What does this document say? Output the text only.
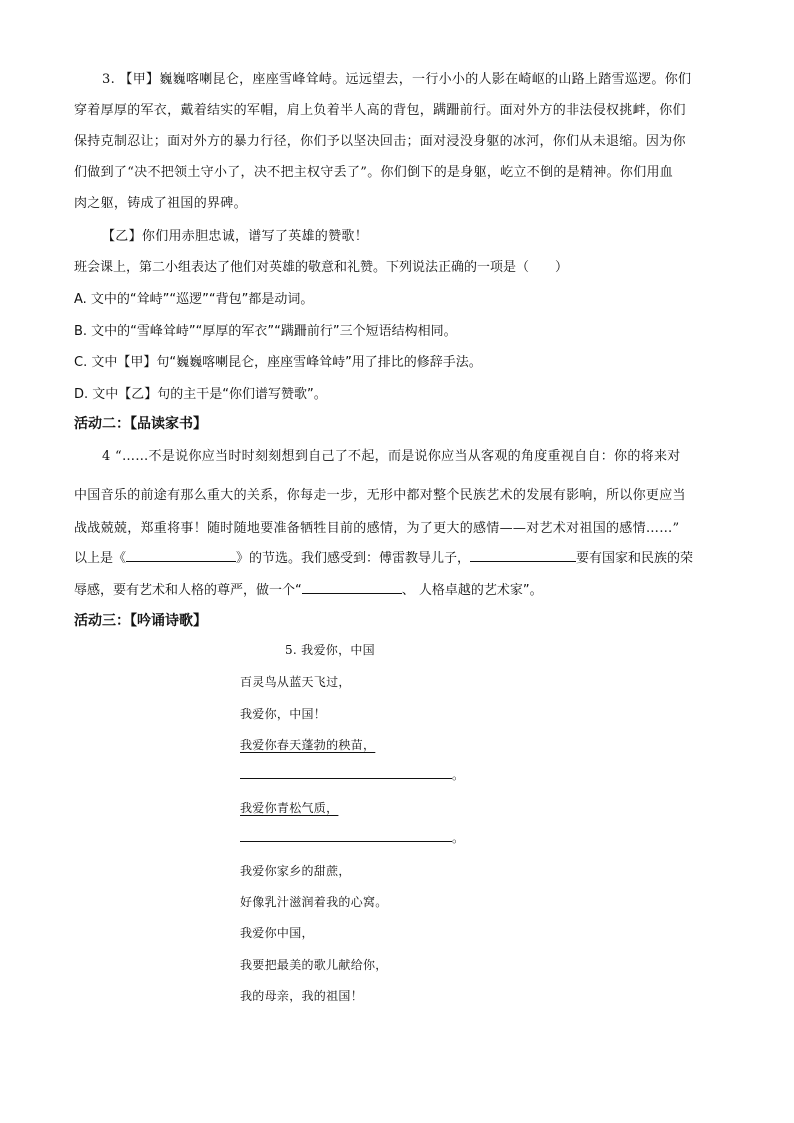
3. 【甲】巍巍喀喇昆仑，座座雪峰耸峙。远远望去，一行小小的人影在崎岖的山路上踏雪巡逻。你们
穿着厚厚的军衣，戴着结实的军帽，肩上负着半人高的背包，蹒跚前行。面对外方的非法侵权挑衅，你们
保持克制忍让；面对外方的暴力行径，你们予以坚决回击；面对浸没身躯的冰河，你们从未退缩。因为你
们做到了“决不把领土守小了，决不把主权守丢了”。你们倒下的是身躯，屹立不倒的是精神。你们用血
肉之躯，铸成了祖国的界碑。
【乙】你们用赤胆忠诚，谱写了英雄的赞歌！
班会课上，第二小组表达了他们对英雄的敬意和礼赞。下列说法正确的一项是（　　）
A. 文中的“耸峙”“巡逻”“背包”都是动词。
B. 文中的“雪峰耸峙”“厚厚的军衣”“蹒跚前行”三个短语结构相同。
C. 文中【甲】句“巍巍喀喇昆仑，座座雪峰耸峙”用了排比的修辞手法。
D. 文中【乙】句的主干是“你们谱写赞歌”。
活动二：【品读家书】
4 “……不是说你应当时时刻刻想到自己了不起，而是说你应当从客观的角度重视自自：你的将来对
中国音乐的前途有那么重大的关系，你每走一步，无形中都对整个民族艺术的发展有影响，所以你更应当
战战兢兢，郑重将事！随时随地要准备牺牲目前的感情，为了更大的感情——对艺术对祖国的感情……”
以上是《	》的节选。我们感受到：傅雷教导儿子，	要有国家和民族的荣
辱感，要有艺术和人格的尊严，做一个“	、 人格卓越的艺术家”。
活动三：【吟诵诗歌】
5. 我爱你，中国
百灵鸟从蓝天飞过，
我爱你，中国！
我爱你春天蓬勃的秧苗，
。
我爱你青松气质，
。
我爱你家乡的甜蔗，
好像乳汁滋润着我的心窝。
我爱你中国，
我要把最美的歌儿献给你，
我的母亲，我的祖国！
